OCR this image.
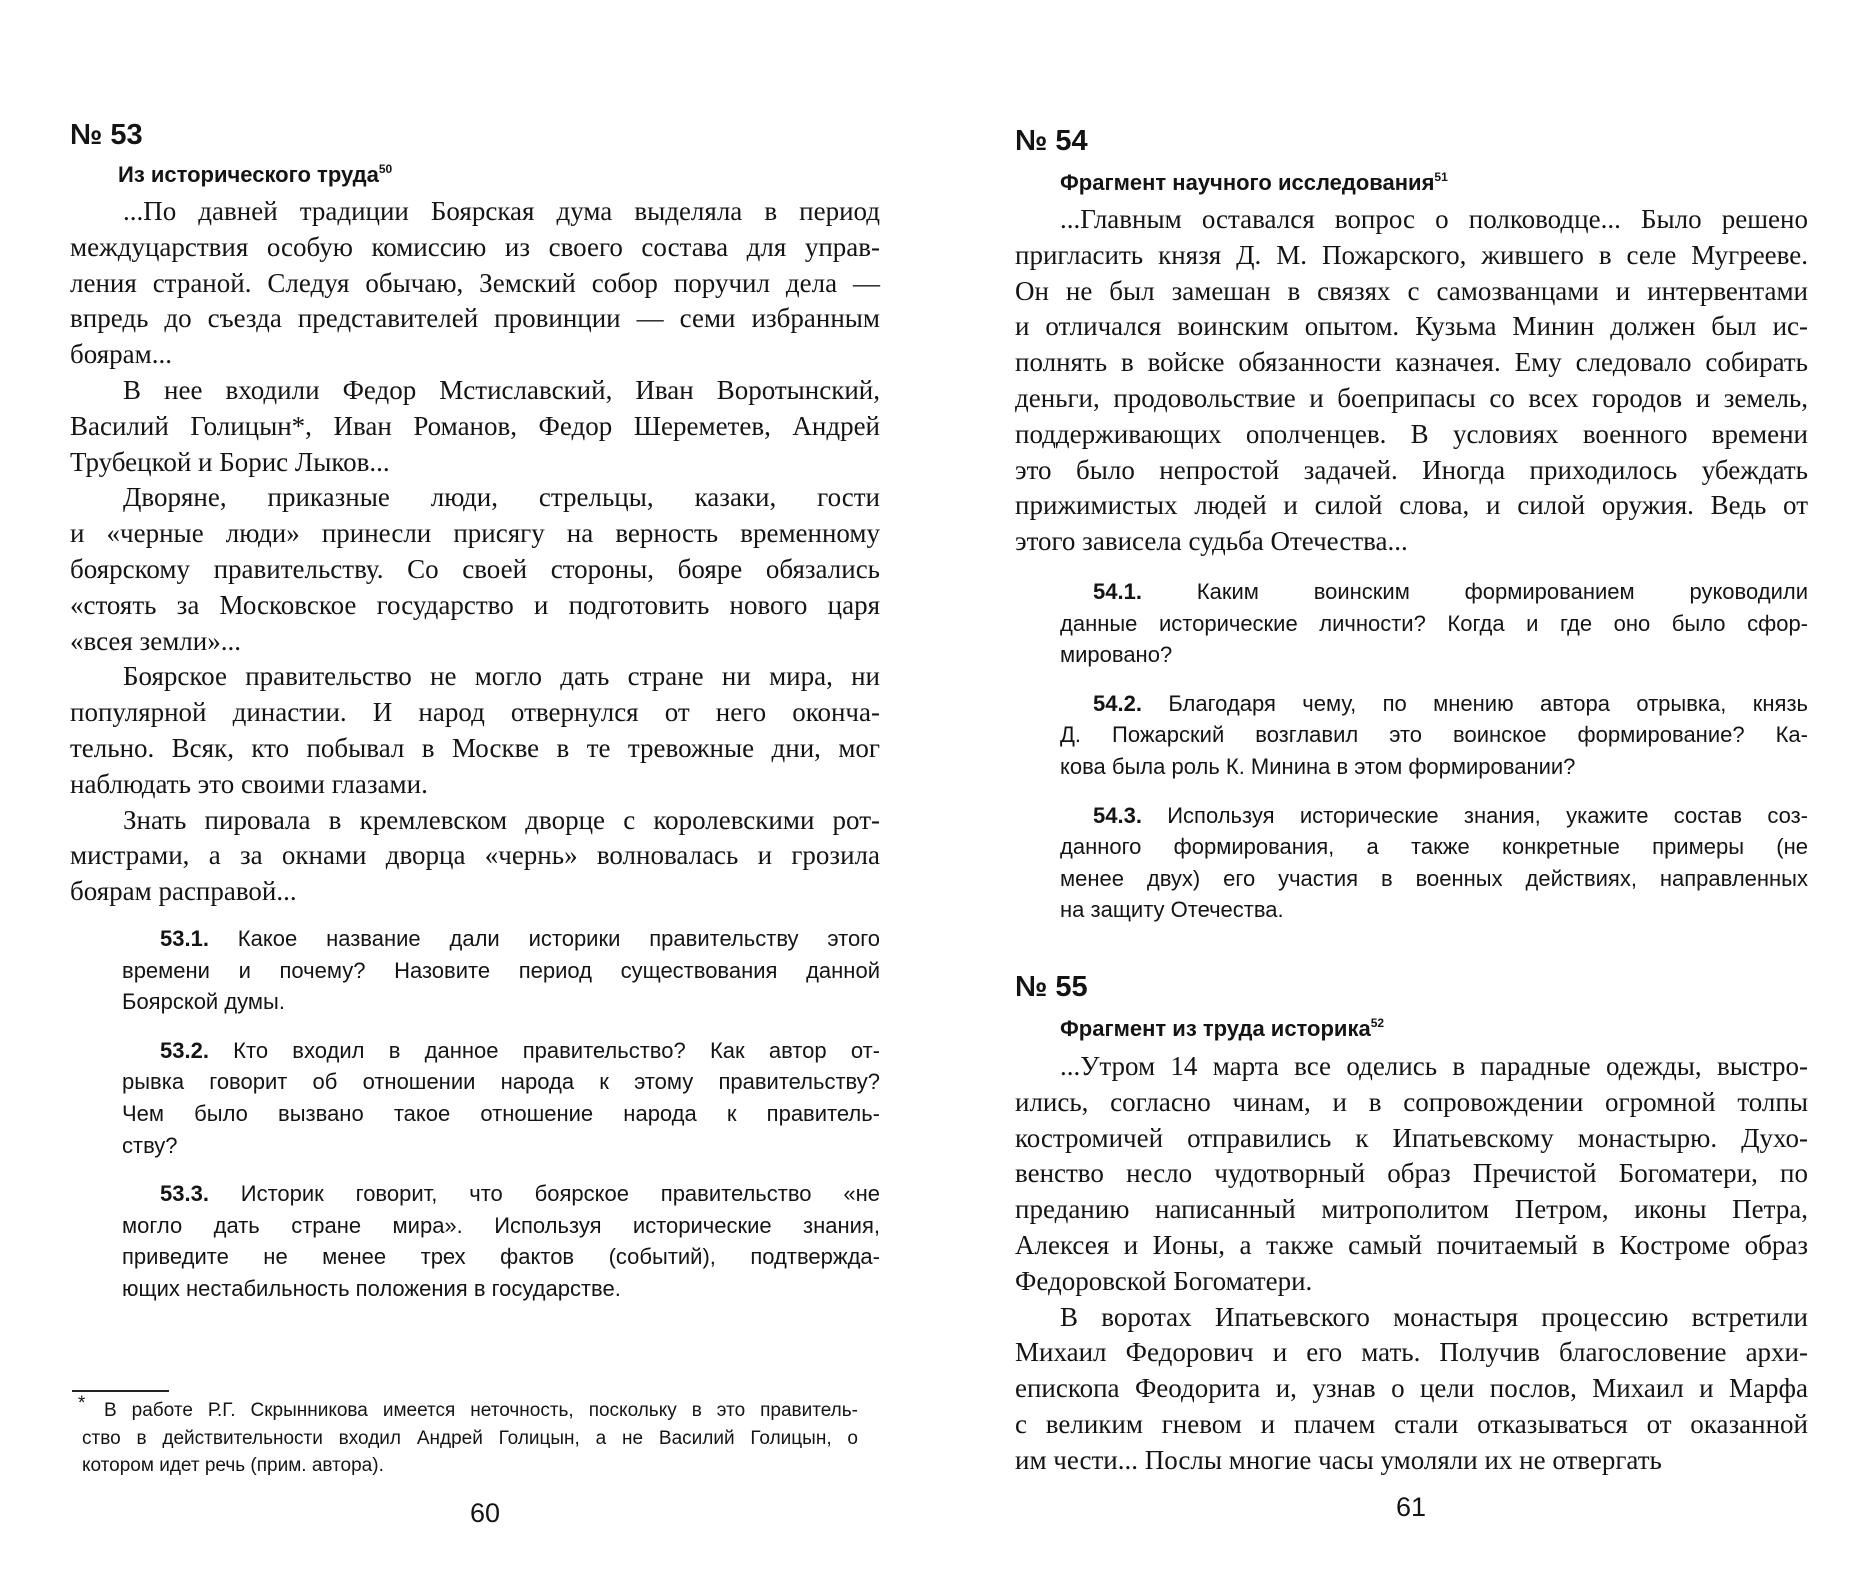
№ 53
Из исторического труда$^{50}$
...По давней традиции Боярская дума выделяла в период
междуцарствия особую комиссию из своего состава для управ-
ления страной. Следуя обычаю, Земский собор поручил дела —
впредь до съезда представителей провинции — семи избранным
боярам...
В нее входили Федор Мстиславский, Иван Воротынский,
Василий Голицын*, Иван Романов, Федор Шереметев, Андрей
Трубецкой и Борис Лыков...
Дворяне, приказные люди, стрельцы, казаки, гости
и «черные люди» принесли присягу на верность временному
боярскому правительству. Со своей стороны, бояре обязались
«стоять за Московское государство и подготовить нового царя
«всея земли»...
Боярское правительство не могло дать стране ни мира, ни
популярной династии. И народ отвернулся от него оконча-
тельно. Всяк, кто побывал в Москве в те тревожные дни, мог
наблюдать это своими глазами.
Знать пировала в кремлевском дворце с королевскими рот-
мистрами, а за окнами дворца «чернь» волновалась и грозила
боярам расправой...
53.1. Какое название дали историки правительству этого
времени и почему? Назовите период существования данной
Боярской думы.
53.2. Кто входил в данное правительство? Как автор от-
рывка говорит об отношении народа к этому правительству?
Чем было вызвано такое отношение народа к правитель-
ству?
53.3. Историк говорит, что боярское правительство «не
могло дать стране мира». Используя исторические знания,
приведите не менее трех фактов (событий), подтвержда-
ющих нестабильность положения в государстве.
* В работе Р.Г. Скрынникова имеется неточность, поскольку в это правитель-
ство в действительности входил Андрей Голицын, а не Василий Голицын, о
котором идет речь (прим. автора).
60
№ 54
Фрагмент научного исследования$^{51}$
...Главным оставался вопрос о полководце... Было решено
пригласить князя Д. М. Пожарского, жившего в селе Мугрееве.
Он не был замешан в связях с самозванцами и интервентами
и отличался воинским опытом. Кузьма Минин должен был ис-
полнять в войске обязанности казначея. Ему следовало собирать
деньги, продовольствие и боеприпасы со всех городов и земель,
поддерживающих ополченцев. В условиях военного времени
это было непростой задачей. Иногда приходилось убеждать
прижимистых людей и силой слова, и силой оружия. Ведь от
этого зависела судьба Отечества...
54.1. Каким воинским формированием руководили
данные исторические личности? Когда и где оно было сфор-
мировано?
54.2. Благодаря чему, по мнению автора отрывка, князь
Д. Пожарский возглавил это воинское формирование? Ка-
кова была роль К. Минина в этом формировании?
54.3. Используя исторические знания, укажите состав соз-
данного формирования, а также конкретные примеры (не
менее двух) его участия в военных действиях, направленных
на защиту Отечества.
№ 55
Фрагмент из труда историка$^{52}$
...Утром 14 марта все оделись в парадные одежды, выстро-
ились, согласно чинам, и в сопровождении огромной толпы
костромичей отправились к Ипатьевскому монастырю. Духо-
венство несло чудотворный образ Пречистой Богоматери, по
преданию написанный митрополитом Петром, иконы Петра,
Алексея и Ионы, а также самый почитаемый в Костроме образ
Федоровской Богоматери.
В воротах Ипатьевского монастыря процессию встретили
Михаил Федорович и его мать. Получив благословение архи-
епископа Феодорита и, узнав о цели послов, Михаил и Марфа
с великим гневом и плачем стали отказываться от оказанной
им чести... Послы многие часы умоляли их не отвергать
61
